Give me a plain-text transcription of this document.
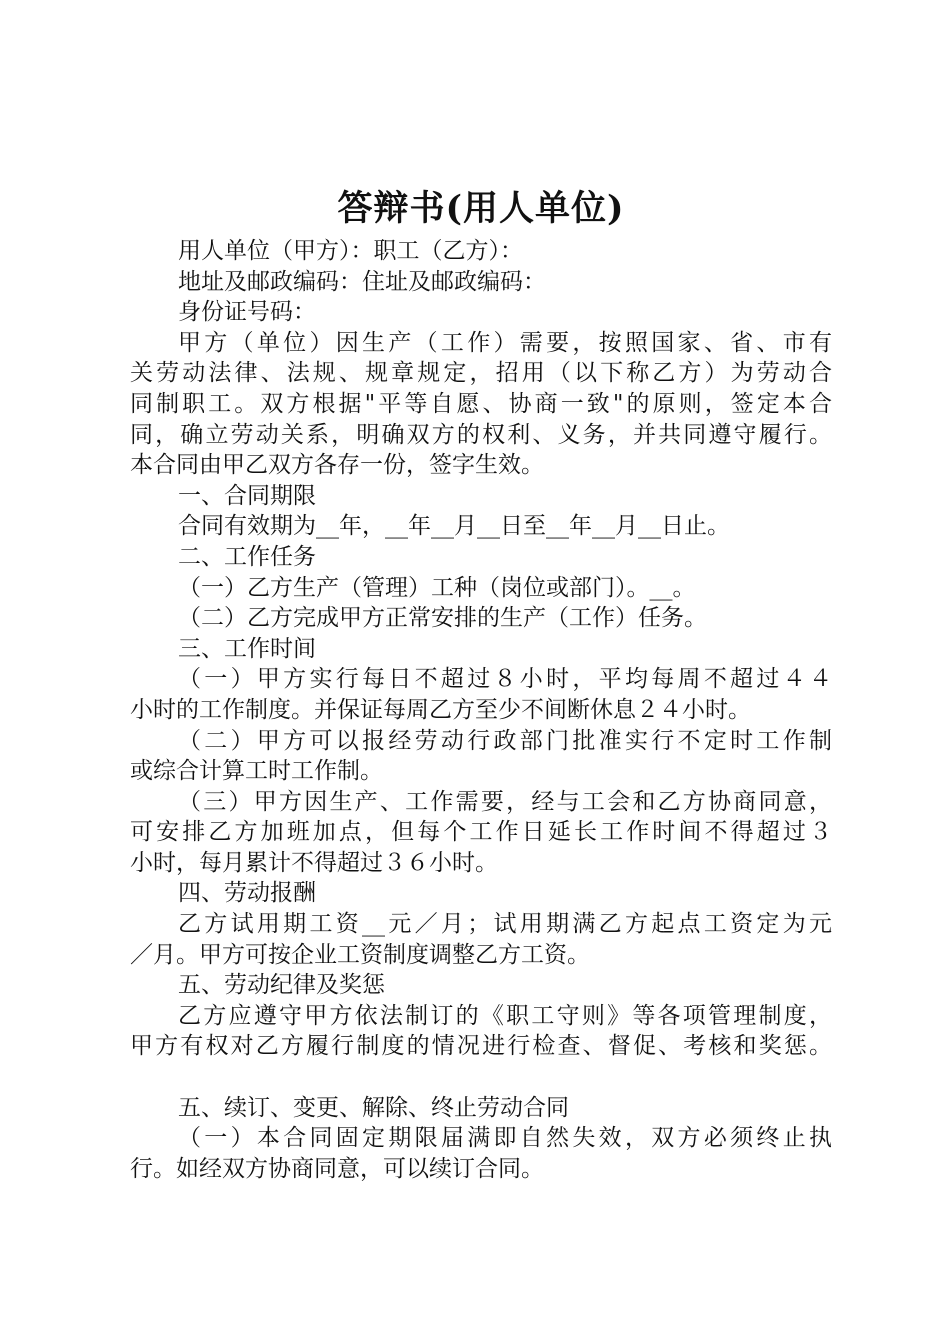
答辩书(用人单位)

用人单位（甲方）：职工（乙方）：

地址及邮政编码：住址及邮政编码：

身份证号码：

甲方（单位）因生产（工作）需要，按照国家、省、市有

关劳动法律、法规、规章规定，招用（以下称乙方）为劳动合

同制职工。双方根据"平等自愿、协商一致"的原则，签定本合

同，确立劳动关系，明确双方的权利、义务，并共同遵守履行。

本合同由甲乙双方各存一份，签字生效。

一、合同期限

合同有效期为__年，__年__月__日至__年__月__日止。

二、工作任务

（一）乙方生产（管理）工种（岗位或部门）。__。

（二）乙方完成甲方正常安排的生产（工作）任务。

三、工作时间

（一）甲方实行每日不超过８小时，平均每周不超过４４

小时的工作制度。并保证每周乙方至少不间断休息２４小时。

（二）甲方可以报经劳动行政部门批准实行不定时工作制

或综合计算工时工作制。

（三）甲方因生产、工作需要，经与工会和乙方协商同意，

可安排乙方加班加点，但每个工作日延长工作时间不得超过３

小时，每月累计不得超过３６小时。

四、劳动报酬

乙方试用期工资__元／月；试用期满乙方起点工资定为元

／月。甲方可按企业工资制度调整乙方工资。

五、劳动纪律及奖惩

乙方应遵守甲方依法制订的《职工守则》等各项管理制度，

甲方有权对乙方履行制度的情况进行检查、督促、考核和奖惩。

五、续订、变更、解除、终止劳动合同

（一）本合同固定期限届满即自然失效，双方必须终止执

行。如经双方协商同意，可以续订合同。
